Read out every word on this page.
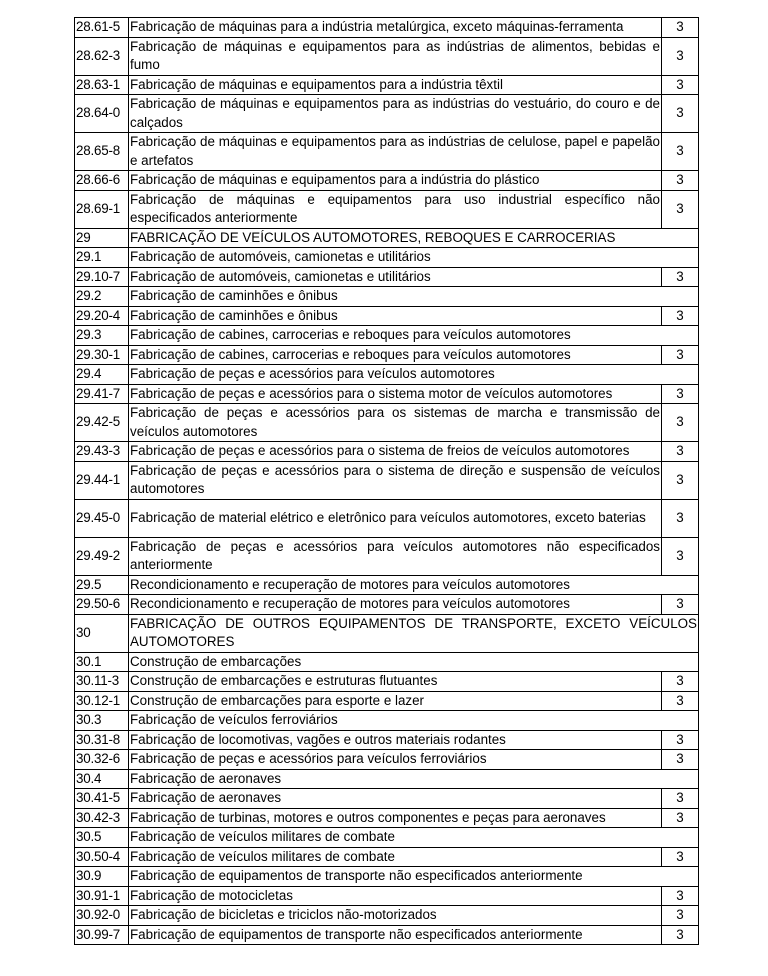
28.61-5	Fabricação de máquinas para a indústria metalúrgica, exceto máquinas-ferramenta	3
28.62-3	Fabricação de máquinas e equipamentos para as indústrias de alimentos, bebidas e fumo	3
28.63-1	Fabricação de máquinas e equipamentos para a indústria têxtil	3
28.64-0	Fabricação de máquinas e equipamentos para as indústrias do vestuário, do couro e de calçados	3
28.65-8	Fabricação de máquinas e equipamentos para as indústrias de celulose, papel e papelão e artefatos	3
28.66-6	Fabricação de máquinas e equipamentos para a indústria do plástico	3
28.69-1	Fabricação de máquinas e equipamentos para uso industrial específico não especificados anteriormente	3
29	FABRICAÇÃO DE VEÍCULOS AUTOMOTORES, REBOQUES E CARROCERIAS	
29.1	Fabricação de automóveis, camionetas e utilitários	
29.10-7	Fabricação de automóveis, camionetas e utilitários	3
29.2	Fabricação de caminhões e ônibus	
29.20-4	Fabricação de caminhões e ônibus	3
29.3	Fabricação de cabines, carrocerias e reboques para veículos automotores	
29.30-1	Fabricação de cabines, carrocerias e reboques para veículos automotores	3
29.4	Fabricação de peças e acessórios para veículos automotores	
29.41-7	Fabricação de peças e acessórios para o sistema motor de veículos automotores	3
29.42-5	Fabricação de peças e acessórios para os sistemas de marcha e transmissão de veículos automotores	3
29.43-3	Fabricação de peças e acessórios para o sistema de freios de veículos automotores	3
29.44-1	Fabricação de peças e acessórios para o sistema de direção e suspensão de veículos automotores	3
29.45-0	Fabricação de material elétrico e eletrônico para veículos automotores, exceto baterias	3
29.49-2	Fabricação de peças e acessórios para veículos automotores não especificados anteriormente	3
29.5	Recondicionamento e recuperação de motores para veículos automotores	
29.50-6	Recondicionamento e recuperação de motores para veículos automotores	3
30	FABRICAÇÃO DE OUTROS EQUIPAMENTOS DE TRANSPORTE, EXCETO VEÍCULOS AUTOMOTORES	
30.1	Construção de embarcações	
30.11-3	Construção de embarcações e estruturas flutuantes	3
30.12-1	Construção de embarcações para esporte e lazer	3
30.3	Fabricação de veículos ferroviários	
30.31-8	Fabricação de locomotivas, vagões e outros materiais rodantes	3
30.32-6	Fabricação de peças e acessórios para veículos ferroviários	3
30.4	Fabricação de aeronaves	
30.41-5	Fabricação de aeronaves	3
30.42-3	Fabricação de turbinas, motores e outros componentes e peças para aeronaves	3
30.5	Fabricação de veículos militares de combate	
30.50-4	Fabricação de veículos militares de combate	3
30.9	Fabricação de equipamentos de transporte não especificados anteriormente	
30.91-1	Fabricação de motocicletas	3
30.92-0	Fabricação de bicicletas e triciclos não-motorizados	3
30.99-7	Fabricação de equipamentos de transporte não especificados anteriormente	3
